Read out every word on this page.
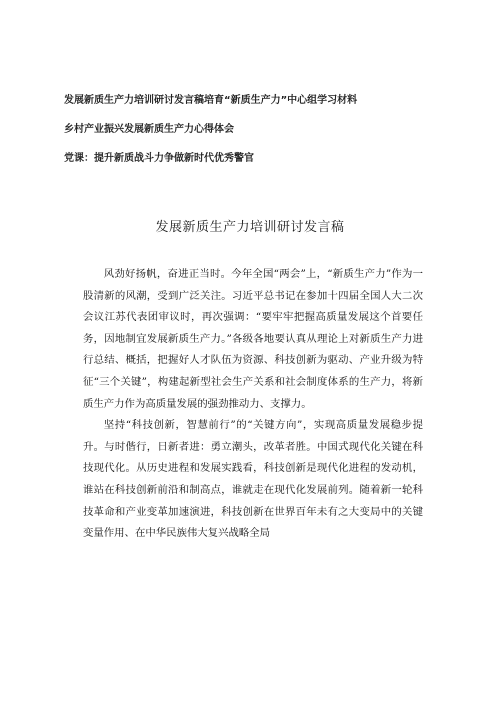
发展新质生产力培训研讨发言稿培育“新质生产力”中心组学习材料
乡村产业振兴发展新质生产力心得体会
党课：提升新质战斗力争做新时代优秀警官
发展新质生产力培训研讨发言稿

风劲好扬帆，奋进正当时。今年全国“两会”上，“新质生产力”作为一股清新的风潮，受到广泛关注。习近平总书记在参加十四届全国人大二次会议江苏代表团审议时，再次强调：“要牢牢把握高质量发展这个首要任务，因地制宜发展新质生产力。”各级各地要认真从理论上对新质生产力进行总结、概括，把握好人才队伍为资源、科技创新为驱动、产业升级为特征“三个关键”，构建起新型社会生产关系和社会制度体系的生产力，将新质生产力作为高质量发展的强劲推动力、支撑力。

坚持“科技创新，智慧前行”的“关键方向”，实现高质量发展稳步提升。与时偕行，日新者进：勇立潮头，改革者胜。中国式现代化关键在科技现代化。从历史进程和发展实践看，科技创新是现代化进程的发动机，谁站在科技创新前沿和制高点，谁就走在现代化发展前列。随着新一轮科技革命和产业变革加速演进，科技创新在世界百年未有之大变局中的关键变量作用、在中华民族伟大复兴战略全局
